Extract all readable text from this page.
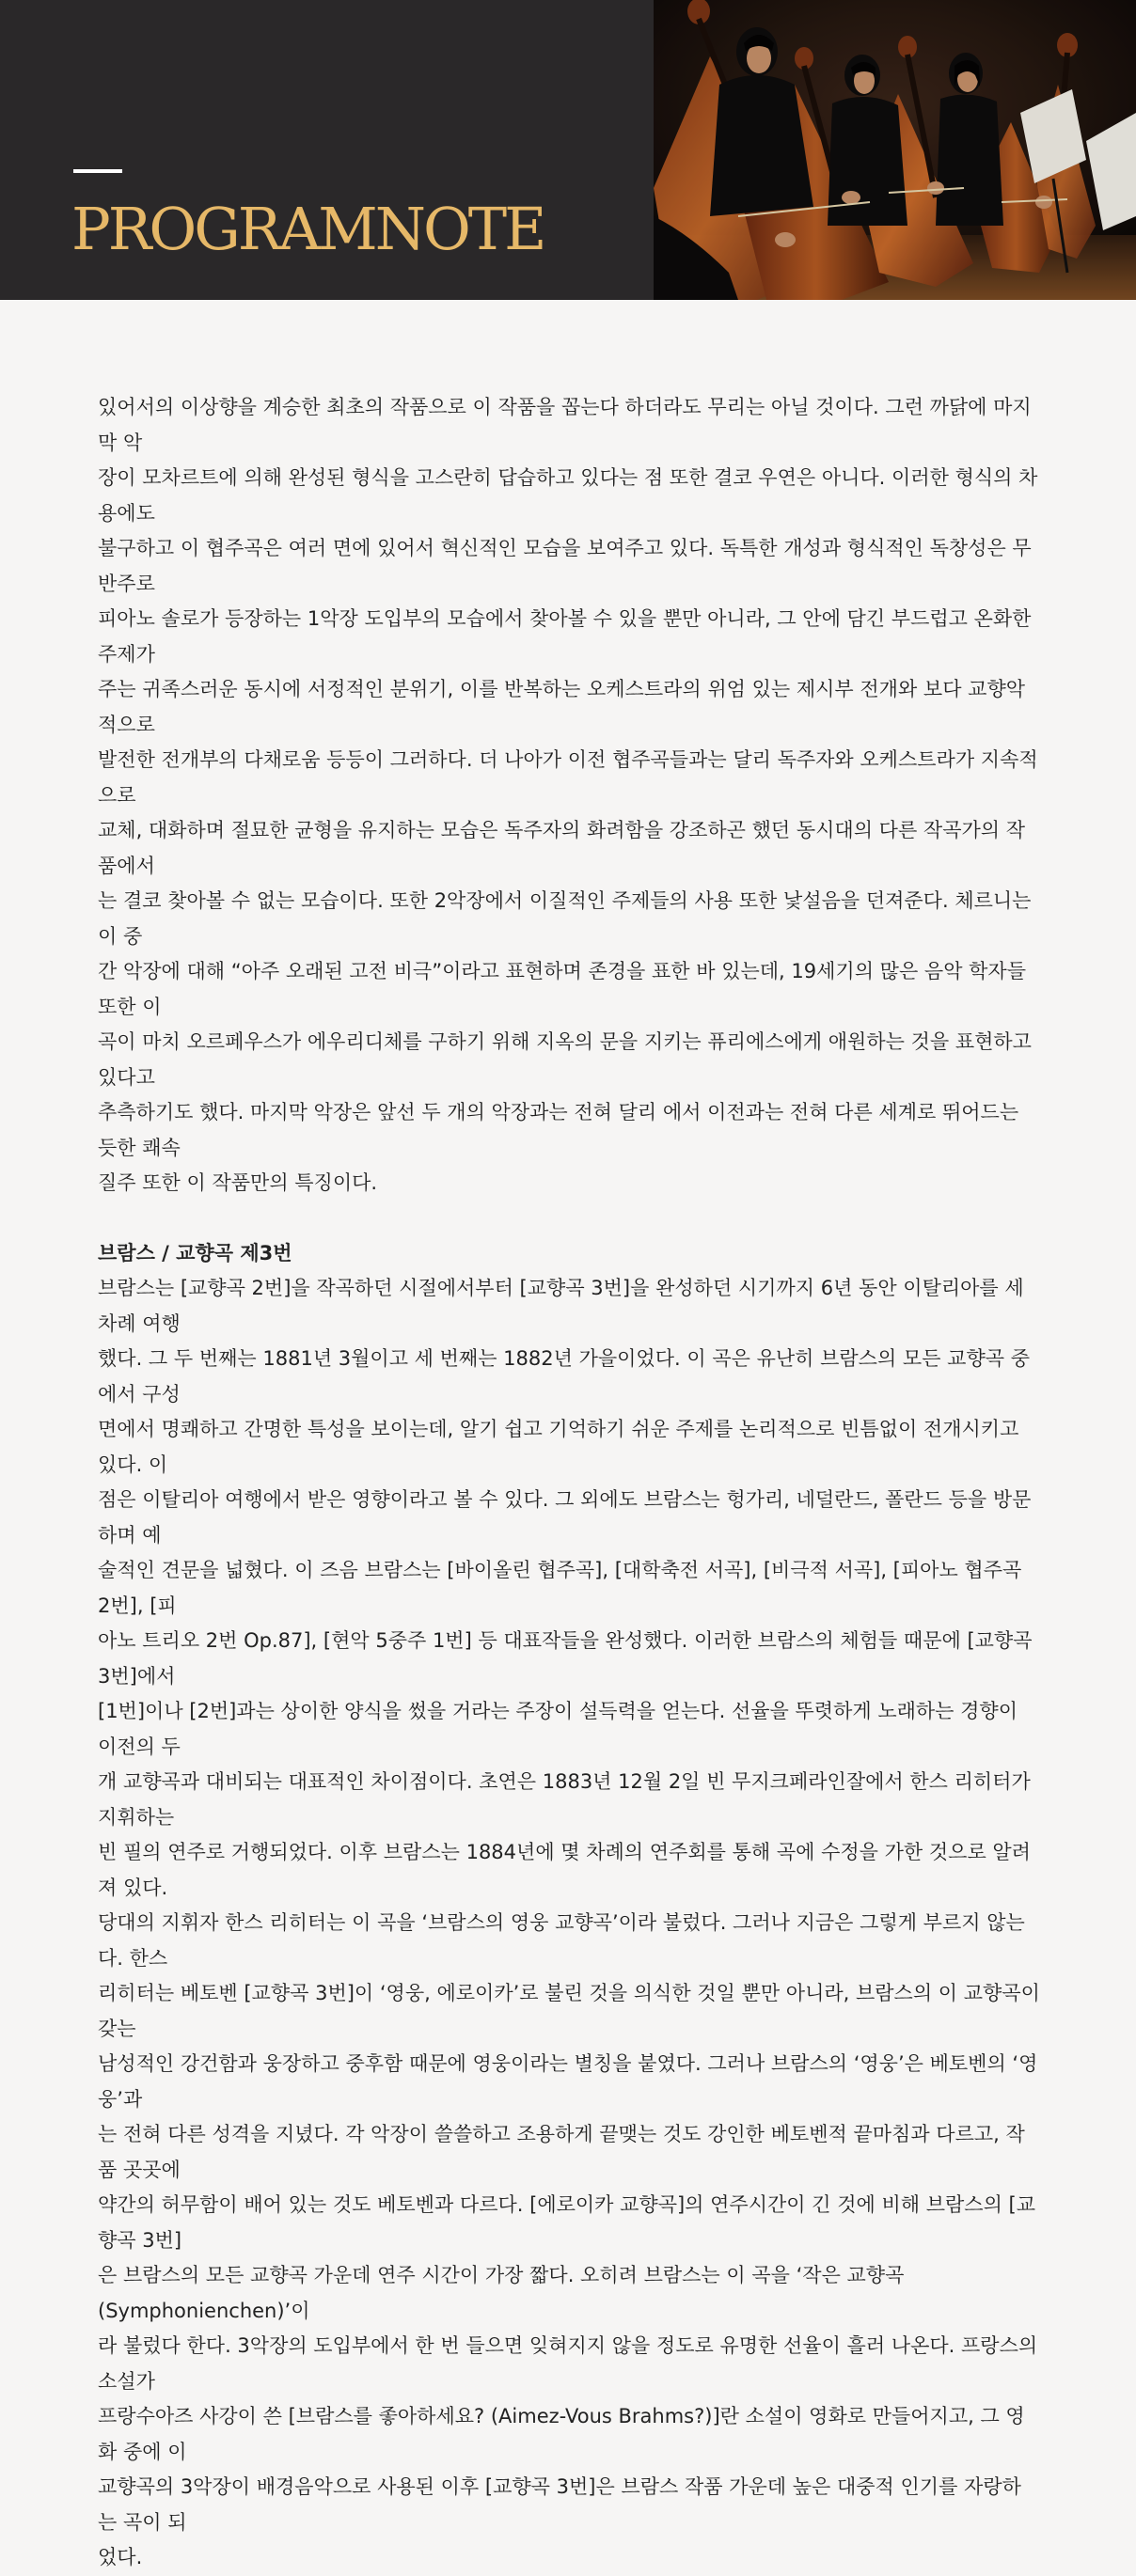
PROGRAMNOTE

있어서의 이상향을 계승한 최초의 작품으로 이 작품을 꼽는다 하더라도 무리는 아닐 것이다. 그런 까닭에 마지막 악
장이 모차르트에 의해 완성된 형식을 고스란히 답습하고 있다는 점 또한 결코 우연은 아니다. 이러한 형식의 차용에도
불구하고 이 협주곡은 여러 면에 있어서 혁신적인 모습을 보여주고 있다. 독특한 개성과 형식적인 독창성은 무반주로
피아노 솔로가 등장하는 1악장 도입부의 모습에서 찾아볼 수 있을 뿐만 아니라, 그 안에 담긴 부드럽고 온화한 주제가
주는 귀족스러운 동시에 서정적인 분위기, 이를 반복하는 오케스트라의 위엄 있는 제시부 전개와 보다 교향악적으로
발전한 전개부의 다채로움 등등이 그러하다. 더 나아가 이전 협주곡들과는 달리 독주자와 오케스트라가 지속적으로
교체, 대화하며 절묘한 균형을 유지하는 모습은 독주자의 화려함을 강조하곤 했던 동시대의 다른 작곡가의 작품에서
는 결코 찾아볼 수 없는 모습이다. 또한 2악장에서 이질적인 주제들의 사용 또한 낯설음을 던져준다. 체르니는 이 중
간 악장에 대해 “아주 오래된 고전 비극”이라고 표현하며 존경을 표한 바 있는데, 19세기의 많은 음악 학자들 또한 이
곡이 마치 오르페우스가 에우리디체를 구하기 위해 지옥의 문을 지키는 퓨리에스에게 애원하는 것을 표현하고 있다고
추측하기도 했다. 마지막 악장은 앞선 두 개의 악장과는 전혀 달리 에서 이전과는 전혀 다른 세계로 뛰어드는 듯한 쾌속
질주 또한 이 작품만의 특징이다.

브람스 / 교향곡 제3번

브람스는 [교향곡 2번]을 작곡하던 시절에서부터 [교향곡 3번]을 완성하던 시기까지 6년 동안 이탈리아를 세 차례 여행
했다. 그 두 번째는 1881년 3월이고 세 번째는 1882년 가을이었다. 이 곡은 유난히 브람스의 모든 교향곡 중에서 구성
면에서 명쾌하고 간명한 특성을 보이는데, 알기 쉽고 기억하기 쉬운 주제를 논리적으로 빈틈없이 전개시키고 있다. 이
점은 이탈리아 여행에서 받은 영향이라고 볼 수 있다. 그 외에도 브람스는 헝가리, 네덜란드, 폴란드 등을 방문하며 예
술적인 견문을 넓혔다. 이 즈음 브람스는 [바이올린 협주곡], [대학축전 서곡], [비극적 서곡], [피아노 협주곡 2번], [피
아노 트리오 2번 Op.87], [현악 5중주 1번] 등 대표작들을 완성했다. 이러한 브람스의 체험들 때문에 [교향곡 3번]에서
[1번]이나 [2번]과는 상이한 양식을 썼을 거라는 주장이 설득력을 얻는다. 선율을 뚜렷하게 노래하는 경향이 이전의 두
개 교향곡과 대비되는 대표적인 차이점이다. 초연은 1883년 12월 2일 빈 무지크페라인잘에서 한스 리히터가 지휘하는
빈 필의 연주로 거행되었다. 이후 브람스는 1884년에 몇 차례의 연주회를 통해 곡에 수정을 가한 것으로 알려져 있다.
당대의 지휘자 한스 리히터는 이 곡을 ‘브람스의 영웅 교향곡’이라 불렀다. 그러나 지금은 그렇게 부르지 않는다. 한스
리히터는 베토벤 [교향곡 3번]이 ‘영웅, 에로이카’로 불린 것을 의식한 것일 뿐만 아니라, 브람스의 이 교향곡이 갖는
남성적인 강건함과 웅장하고 중후함 때문에 영웅이라는 별칭을 붙였다. 그러나 브람스의 ‘영웅’은 베토벤의 ‘영웅’과
는 전혀 다른 성격을 지녔다. 각 악장이 쓸쓸하고 조용하게 끝맺는 것도 강인한 베토벤적 끝마침과 다르고, 작품 곳곳에
약간의 허무함이 배어 있는 것도 베토벤과 다르다. [에로이카 교향곡]의 연주시간이 긴 것에 비해 브람스의 [교향곡 3번]
은 브람스의 모든 교향곡 가운데 연주 시간이 가장 짧다. 오히려 브람스는 이 곡을 ‘작은 교향곡(Symphonienchen)’이
라 불렀다 한다. 3악장의 도입부에서 한 번 들으면 잊혀지지 않을 정도로 유명한 선율이 흘러 나온다. 프랑스의 소설가
프랑수아즈 사강이 쓴 [브람스를 좋아하세요? (Aimez-Vous Brahms?)]란 소설이 영화로 만들어지고, 그 영화 중에 이
교향곡의 3악장이 배경음악으로 사용된 이후 [교향곡 3번]은 브람스 작품 가운데 높은 대중적 인기를 자랑하는 곡이 되
었다.
